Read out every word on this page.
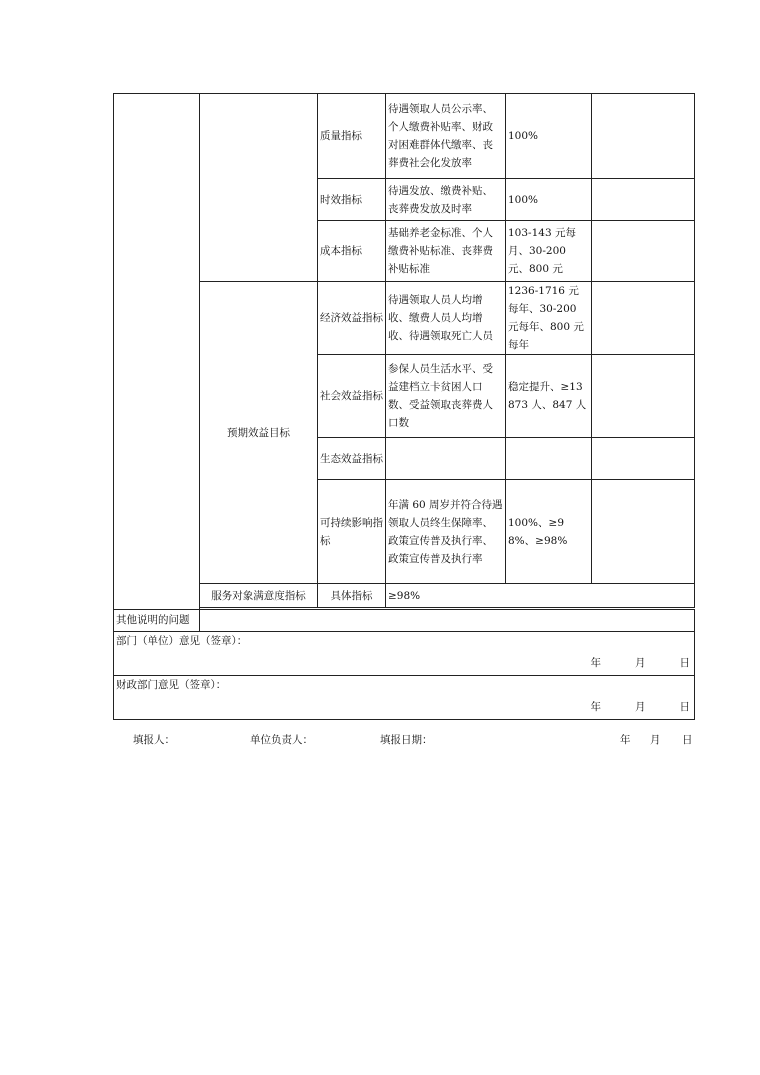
		质量指标	待遇领取人员公示率、个人缴费补贴率、财政对困难群体代缴率、丧葬费社会化发放率	100%	
		时效指标	待遇发放、缴费补贴、丧葬费发放及时率	100%	
		成本指标	基础养老金标准、个人缴费补贴标准、丧葬费补贴标准	103-143 元每月、30-200 元、800 元	
	预期效益目标	经济效益指标	待遇领取人员人均增收、缴费人员人均增收、待遇领取死亡人员	1236-1716 元每年、30-200 元每年、800 元每年	
		社会效益指标	参保人员生活水平、受益建档立卡贫困人口数、受益领取丧葬费人口数	稳定提升、≥13873 人、847 人	
		生态效益指标			
		可持续影响指标	年满 60 周岁并符合待遇领取人员终生保障率、政策宣传普及执行率、政策宣传普及执行率	100%、≥98%、≥98%	
	服务对象满意度指标	具体指标	≥98%		

其他说明的问题					

部门（单位）意见（签章）：
年 月 日					

财政部门意见（签章）：
年 月 日					
填报人：	单位负责人：	填报日期：	年 月 日
